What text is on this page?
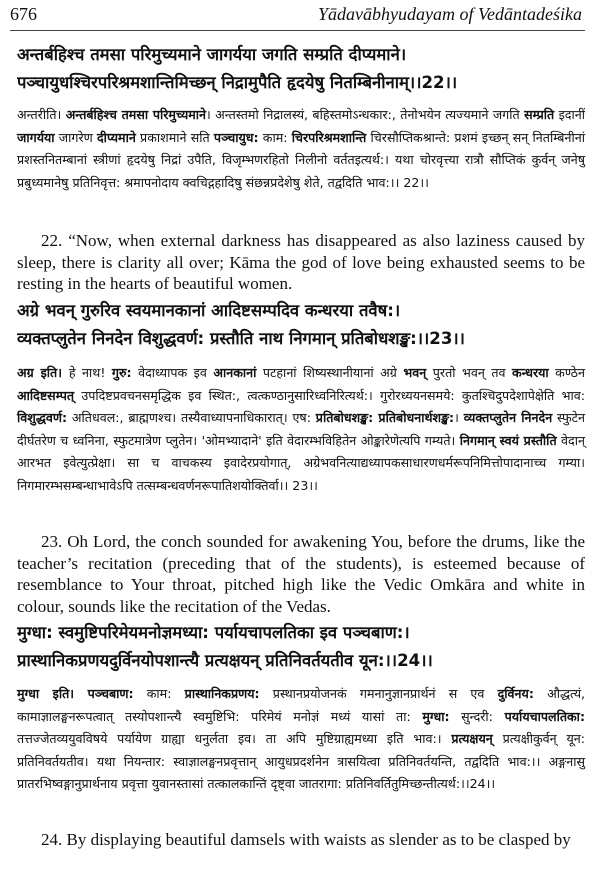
676	Yādavābhyudayam of Vedāntadeśika
अन्तर्बहिश्च तमसा परिमुच्यमाने जागर्यया जगति सम्प्रति दीप्यमाने।
पञ्चायुधश्चिरपरिश्रमशान्तिमिच्छन् निद्रामुपैति हृदयेषु नितम्बिनीनाम्।।22।।
अन्तरीति। अन्तर्बहिश्च तमसा परिमुच्यमाने। अन्तस्तमो निद्रालस्यं, बहिस्तमोऽन्धकार:, तेनोभयेन त्यज्यमाने जगति सम्प्रति इदानीं जागर्यया जागरेण दीप्यमाने प्रकाशमाने सति पञ्चायुध: काम: चिरपरिश्रमशान्ति चिरसौप्तिकश्रान्ते: प्रशमं इच्छन् सन् नितम्बिनीनां प्रशस्तनितम्बानां स्त्रीणां हृदयेषु निद्रां उपैति, विजृम्भणरहितो निलीनो वर्ततइत्यर्थ:। यथा चोरवृत्त्या रात्रौ सौप्तिकं कुर्वन् जनेषु प्रबुध्यमानेषु प्रतिनिवृत्त: श्रमापनोदाय क्वचिद्गहादिषु संछन्नप्रदेशेषु शेते, तद्वदिति भाव:।। 22।।
22. “Now, when external darkness has disappeared as also laziness caused by sleep, there is clarity all over; Kāma the god of love being exhausted seems to be resting in the hearts of beautiful women.
अग्रे भवन् गुरुरिव स्वयमानकानां आदिष्टसम्पदिव कन्धरया तवैष:।
व्यक्तप्लुतेन निनदेन विशुद्धवर्ण: प्रस्तौति नाथ निगमान् प्रतिबोधशङ्ख:।।23।।
अग्र इति। हे नाथ! गुरु: वेदाध्यापक इव आनकानां पटहानां शिष्यस्थानीयानां अग्रे भवन् पुरतो भवन् तव कन्धरया कण्ठेन आदिष्टसम्पत् उपदिष्टप्रवचनसमृद्धिक इव स्थित:, त्वत्कण्ठानुसारिध्वनिरित्यर्थ:। गुरोरध्ययनसमये: कुतश्चिदुपदेशापेक्षेति भाव: विशुद्धवर्ण: अतिधवल:, ब्राह्मणश्च। तस्यैवाध्यापनाधिकारात्। एष: प्रतिबोधशङ्ख: प्रतिबोधनार्थशङ्ख:। व्यक्तप्लुतेन निनदेन स्फुटेन दीर्घतरेण च ध्वनिना, स्फुटमात्रेण प्लुतेन। 'ओमभ्यादाने' इति वेदारम्भविहितेन ओङ्कारेणेत्यपि गम्यते। निगमान् स्वयं प्रस्तौति वेदान् आरभत इवेत्युत्प्रेक्षा। सा च वाचकस्य इवादेरप्रयोगात्, अग्रेभवनित्याद्यध्यापकसाधारणधर्मरूपनिमित्तोपादानाच्च गम्या। निगमारम्भसम्बन्धाभावेऽपि तत्सम्बन्धवर्णनरूपातिशयोक्तिर्वा।। 23।।
23. Oh Lord, the conch sounded for awakening You, before the drums, like the teacher’s recitation (preceding that of the students), is esteemed because of resemblance to Your throat, pitched high like the Vedic Omkāra and white in colour, sounds like the recitation of the Vedas.
मुग्धा: स्वमुष्टिपरिमेयमनोज्ञमध्या: पर्यायचापलतिका इव पञ्चबाण:।
प्रास्थानिकप्रणयदुर्विनयोपशान्त्यै प्रत्यक्षयन् प्रतिनिवर्तयतीव यून:।।24।।
मुग्धा इति। पञ्चबाण: काम: प्रास्थानिकप्रणय: प्रस्थानप्रयोजनकं गमनानुज्ञानप्रार्थनं स एव दुर्विनय: औद्धत्यं, कामाज्ञालङ्घनरूपत्वात् तस्योपशान्त्यै स्वमुष्टिभि: परिमेयं मनोज्ञं मध्यं यासां ता: मुग्धा: सुन्दरी: पर्यायचापलतिका: तत्तज्जेतव्ययुवविषये पर्यायेण ग्राह्या धनुर्लता इव। ता अपि मुष्टिग्राह्यमध्या इति भाव:। प्रत्यक्षयन् प्रत्यक्षीकुर्वन् यून: प्रतिनिवर्तयतीव। यथा नियन्तार: स्वाज्ञालङ्घनप्रवृत्तान् आयुधप्रदर्शनेन त्रासयित्वा प्रतिनिवर्तयन्ति, तद्वदिति भाव:।। अङ्गनासु प्रातरभिष्वङ्गानुप्रार्थनाय प्रवृत्ता युवानस्तासां तत्कालकान्तिं दृष्ट्वा जातरागा: प्रतिनिवर्तितुमिच्छन्तीत्यर्थ:।।24।।
24. By displaying beautiful damsels with waists as slender as to be clasped by
